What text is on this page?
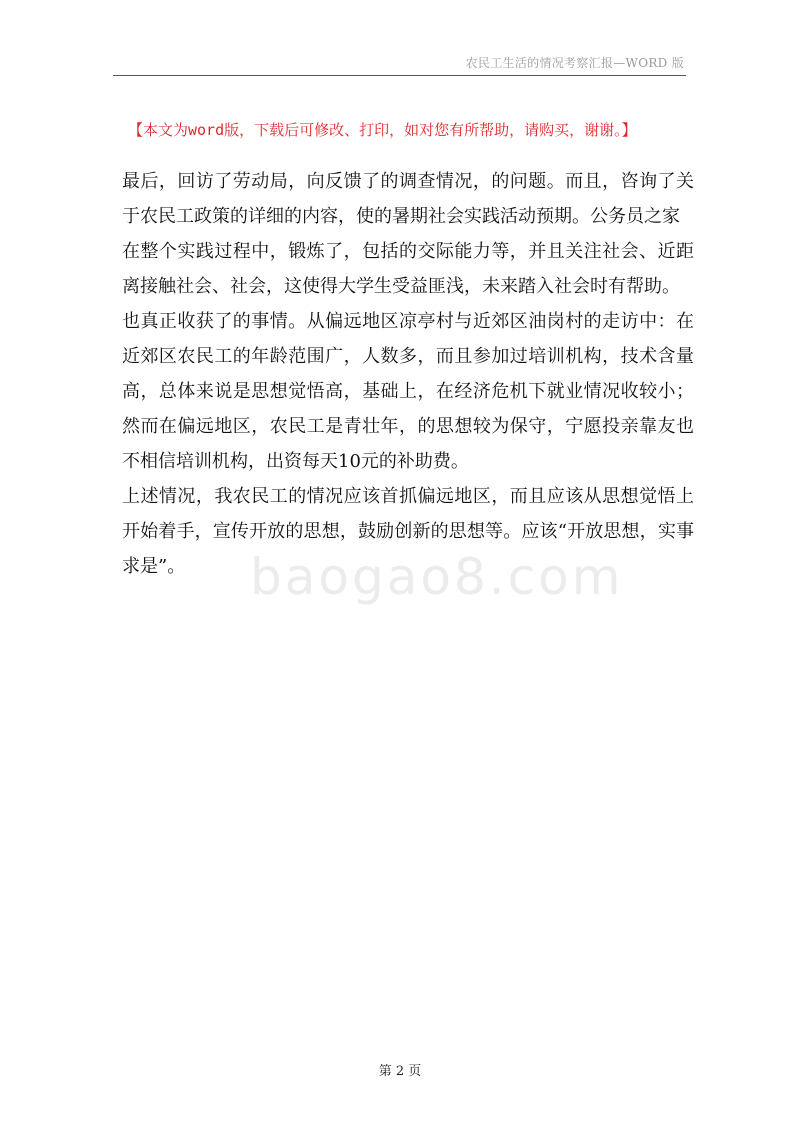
农民工生活的情况考察汇报—WORD 版
【本文为word版，下载后可修改、打印，如对您有所帮助，请购买，谢谢。】
baogao8.com

最后，回访了劳动局，向反馈了的调查情况，的问题。而且，咨询了关于农民工政策的详细的内容，使的暑期社会实践活动预期。公务员之家

在整个实践过程中，锻炼了，包括的交际能力等，并且关注社会、近距离接触社会、社会，这使得大学生受益匪浅，未来踏入社会时有帮助。

也真正收获了的事情。从偏远地区凉亭村与近郊区油岗村的走访中：在近郊区农民工的年龄范围广，人数多，而且参加过培训机构，技术含量高，总体来说是思想觉悟高，基础上，在经济危机下就业情况收较小；然而在偏远地区，农民工是青壮年，的思想较为保守，宁愿投亲靠友也不相信培训机构，出资每天10元的补助费。

上述情况，我农民工的情况应该首抓偏远地区，而且应该从思想觉悟上开始着手，宣传开放的思想，鼓励创新的思想等。应该“开放思想，实事求是”。

第 2 页
